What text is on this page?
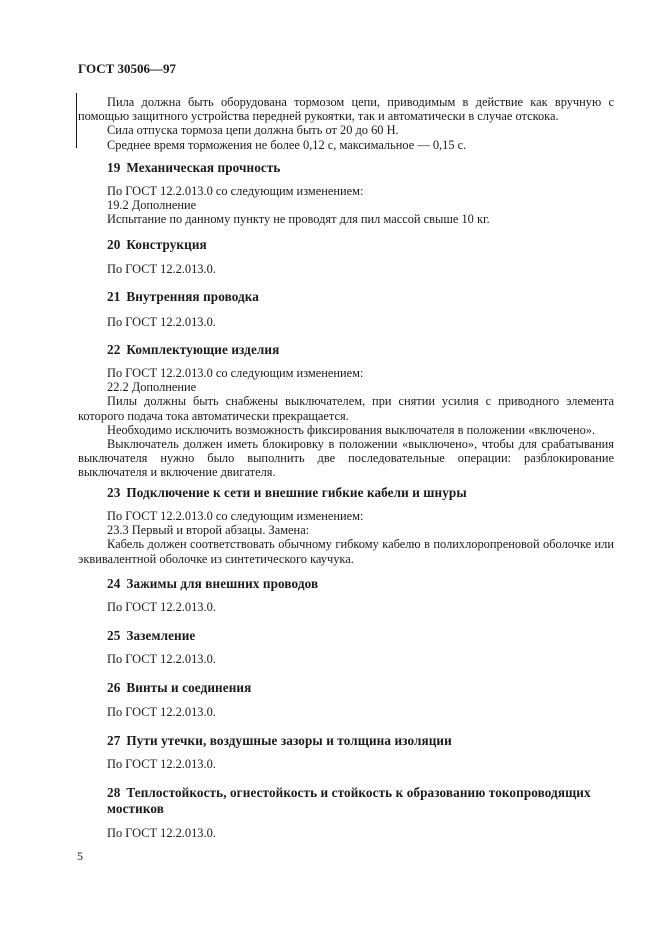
ГОСТ 30506—97

Пила должна быть оборудована тормозом цепи, приводимым в действие как вручную с помощью защитного устройства передней рукоятки, так и автоматически в случае отскока.

Сила отпуска тормоза цепи должна быть от 20 до 60 Н.

Среднее время торможения не более 0,12 с, максимальное — 0,15 с.

19 Механическая прочность

По ГОСТ 12.2.013.0 со следующим изменением:

19.2 Дополнение

Испытание по данному пункту не проводят для пил массой свыше 10 кг.

20 Конструкция
По ГОСТ 12.2.013.0.
21 Внутренняя проводка
По ГОСТ 12.2.013.0.
22 Комплектующие изделия

По ГОСТ 12.2.013.0 со следующим изменением:

22.2 Дополнение

Пилы должны быть снабжены выключателем, при снятии усилия с приводного элемента которого подача тока автоматически прекращается.

Необходимо исключить возможность фиксирования выключателя в положении «включено».

Выключатель должен иметь блокировку в положении «выключено», чтобы для срабатывания выключателя нужно было выполнить две последовательные операции: разблокирование выключателя и включение двигателя.

23 Подключение к сети и внешние гибкие кабели и шнуры

По ГОСТ 12.2.013.0 со следующим изменением:

23.3 Первый и второй абзацы. Замена:

Кабель должен соответствовать обычному гибкому кабелю в полихлоропреновой оболочке или эквивалентной оболочке из синтетического каучука.

24 Зажимы для внешних проводов
По ГОСТ 12.2.013.0.
25 Заземление
По ГОСТ 12.2.013.0.
26 Винты и соединения
По ГОСТ 12.2.013.0.
27 Пути утечки, воздушные зазоры и толщина изоляции
По ГОСТ 12.2.013.0.
28 Теплостойкость, огнестойкость и стойкость к образованию токопроводящих мостиков
По ГОСТ 12.2.013.0.
5
